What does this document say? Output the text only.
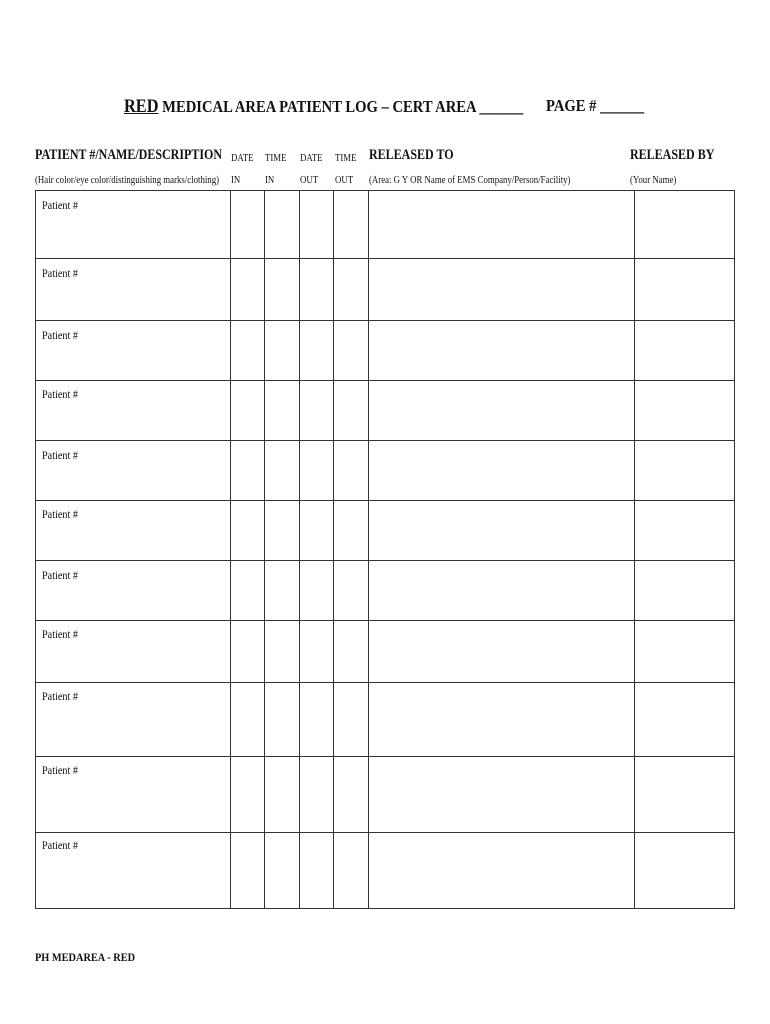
RED MEDICAL AREA PATIENT LOG – CERT AREA ______	PAGE # ______
PATIENT #/NAME/DESCRIPTION
(Hair color/eye color/distinguishing marks/clothing)
DATE
IN
TIME
IN
DATE
OUT
TIME
OUT
RELEASED TO
(Area: G Y OR Name of EMS Company/Person/Facility)
RELEASED BY
(Your Name)
Patient #
Patient #
Patient #
Patient #
Patient #
Patient #
Patient #
Patient #
Patient #
Patient #
Patient #
PH MEDAREA - RED
